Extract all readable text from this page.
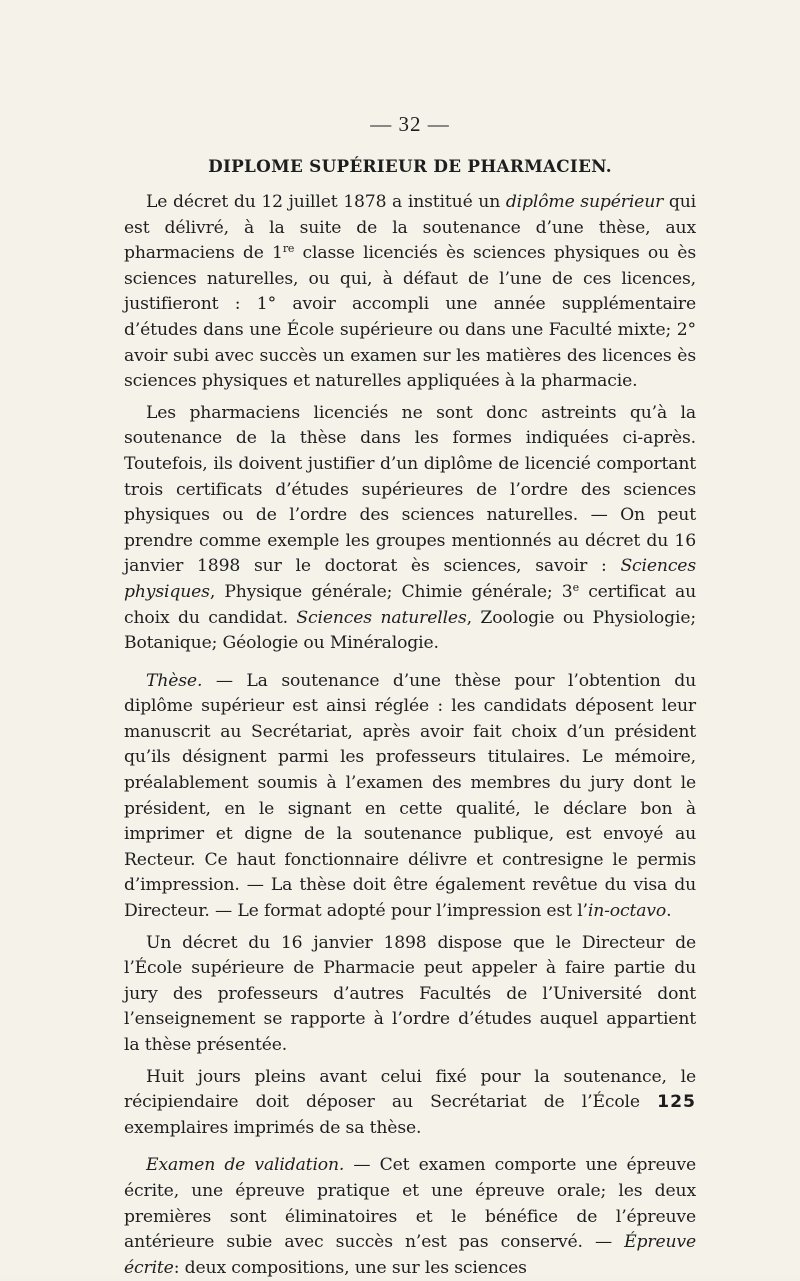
— 32 —
DIPLOME SUPÉRIEUR DE PHARMACIEN.

Le décret du 12 juillet 1878 a institué un diplôme supérieur qui est délivré, à la suite de la soutenance d’une thèse, aux pharmaciens de 1re classe licenciés ès sciences physiques ou ès sciences naturelles, ou qui, à défaut de l’une de ces licences, justifieront : 1° avoir accompli une année supplémentaire d’études dans une École supérieure ou dans une Faculté mixte; 2° avoir subi avec succès un examen sur les matières des licences ès sciences physiques et naturelles appliquées à la pharmacie.

Les pharmaciens licenciés ne sont donc astreints qu’à la soutenance de la thèse dans les formes indiquées ci-après. Toutefois, ils doivent justifier d’un diplôme de licencié comportant trois certificats d’études supérieures de l’ordre des sciences physiques ou de l’ordre des sciences naturelles. — On peut prendre comme exemple les groupes mentionnés au décret du 16 janvier 1898 sur le doctorat ès sciences, savoir : Sciences physiques, Physique générale; Chimie générale; 3e certificat au choix du candidat. Sciences naturelles, Zoologie ou Physiologie; Botanique; Géologie ou Minéralogie.

Thèse. — La soutenance d’une thèse pour l’obtention du diplôme supérieur est ainsi réglée : les candidats déposent leur manuscrit au Secrétariat, après avoir fait choix d’un président qu’ils désignent parmi les professeurs titulaires. Le mémoire, préalablement soumis à l’examen des membres du jury dont le président, en le signant en cette qualité, le déclare bon à imprimer et digne de la soutenance publique, est envoyé au Recteur. Ce haut fonctionnaire délivre et contresigne le permis d’impression. — La thèse doit être également revêtue du visa du Directeur. — Le format adopté pour l’impression est l’in-octavo.

Un décret du 16 janvier 1898 dispose que le Directeur de l’École supérieure de Pharmacie peut appeler à faire partie du jury des professeurs d’autres Facultés de l’Université dont l’enseignement se rapporte à l’ordre d’études auquel appartient la thèse présentée.

Huit jours pleins avant celui fixé pour la soutenance, le récipiendaire doit déposer au Secrétariat de l’École 125 exemplaires imprimés de sa thèse.

Examen de validation. — Cet examen comporte une épreuve écrite, une épreuve pratique et une épreuve orale; les deux premières sont éliminatoires et le bénéfice de l’épreuve antérieure subie avec succès n’est pas conservé. — Épreuve écrite: deux compositions, une sur les sciences
